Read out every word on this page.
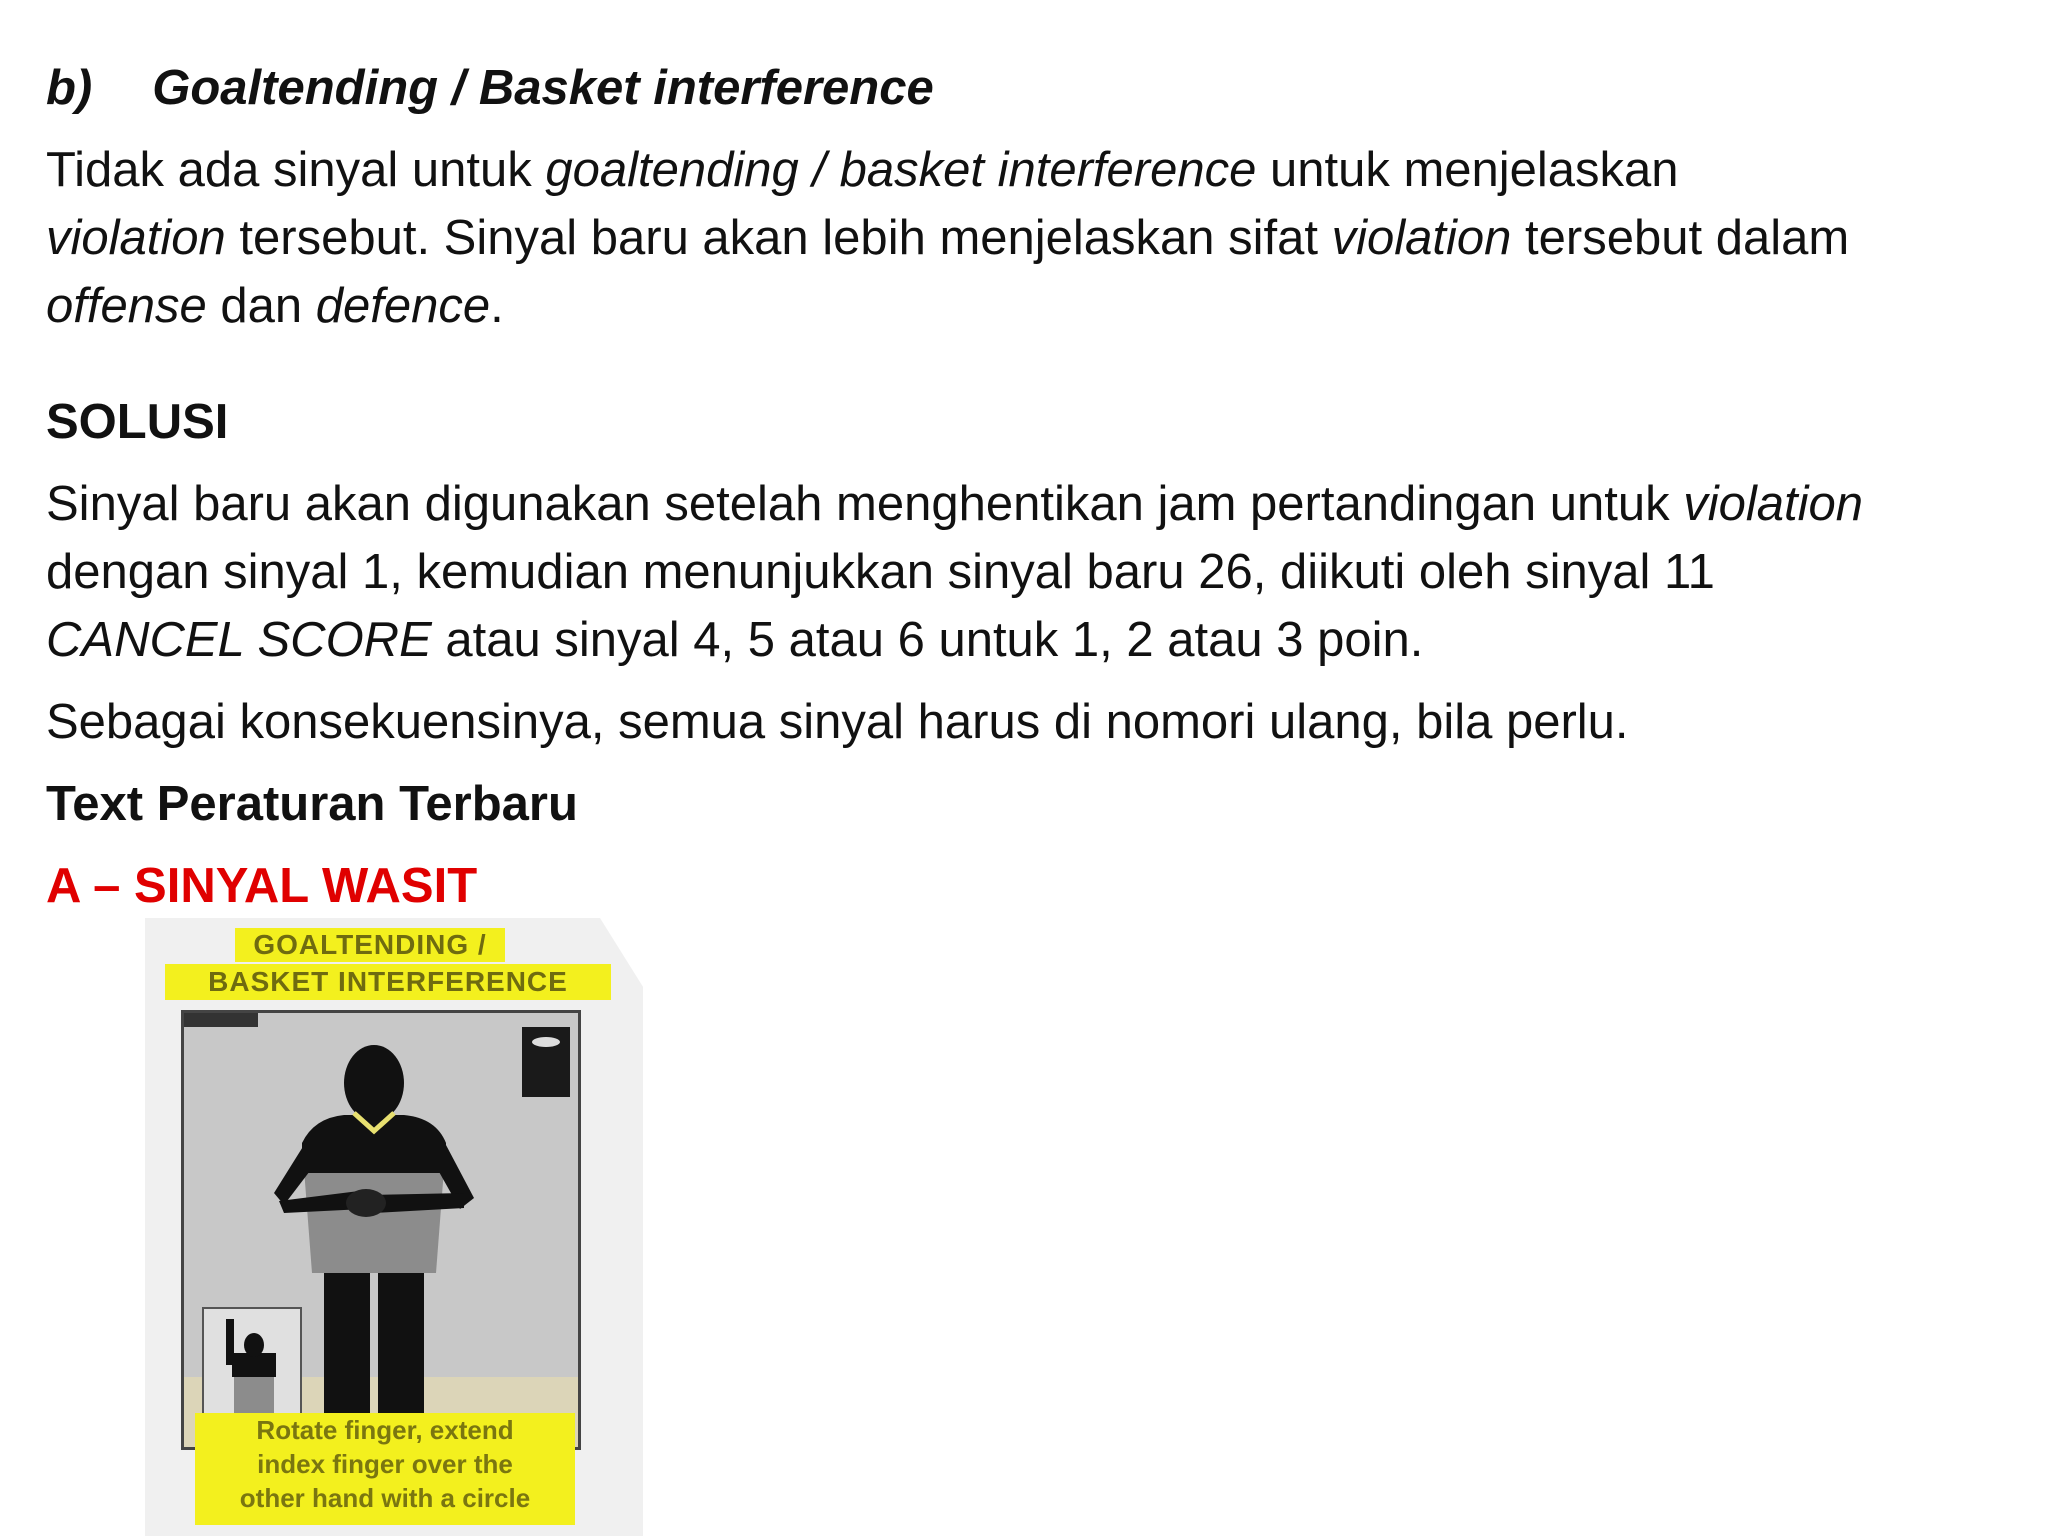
b) Goaltending / Basket interference
Tidak ada sinyal untuk goaltending / basket interference untuk menjelaskan
violation tersebut. Sinyal baru akan lebih menjelaskan sifat violation tersebut dalam
offense dan defence.
SOLUSI
Sinyal baru akan digunakan setelah menghentikan jam pertandingan untuk violation
dengan sinyal 1, kemudian menunjukkan sinyal baru 26, diikuti oleh sinyal 11
CANCEL SCORE atau sinyal 4, 5 atau 6 untuk 1, 2 atau 3 poin.
Sebagai konsekuensinya, semua sinyal harus di nomori ulang, bila perlu.
Text Peraturan Terbaru
A – SINYAL WASIT
GOALTENDING /
BASKET INTERFERENCE
Rotate finger, extend
index finger over the
other hand with a circle
